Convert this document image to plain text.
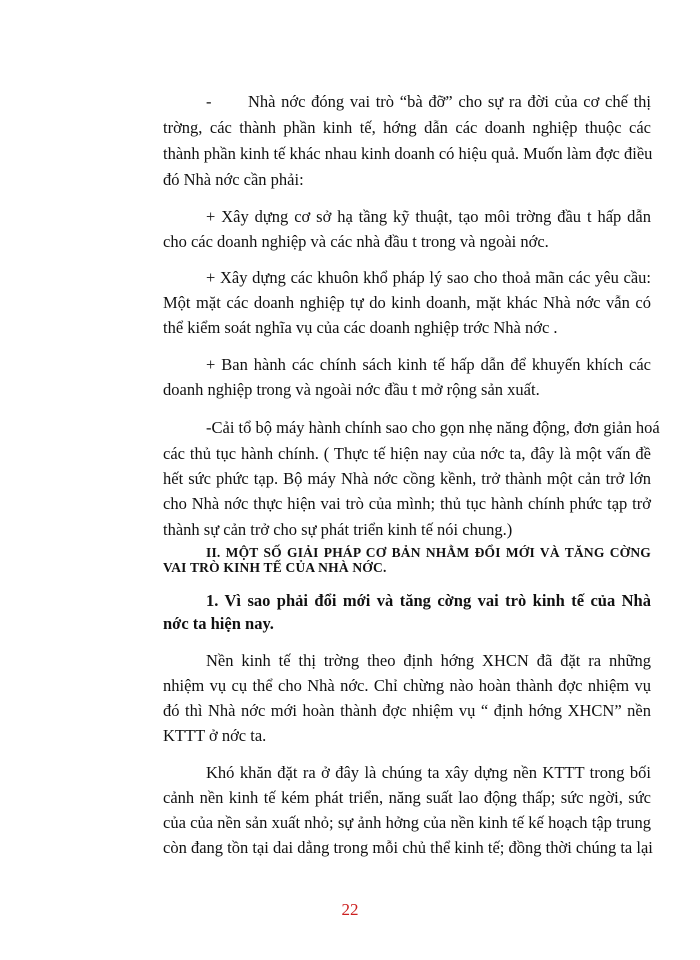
- Nhà nớc đóng vai trò “bà đỡ” cho sự ra đời của cơ chế thị
trờng, các thành phần kinh tế, hớng dẫn các doanh nghiệp thuộc các
thành phần kinh tế khác nhau kinh doanh có hiệu quả. Muốn làm đợc điều
đó Nhà nớc cần phải:
+ Xây dựng cơ sở hạ tầng kỹ thuật, tạo môi trờng đầu t hấp dẫn
cho các doanh nghiệp và các nhà đầu t trong và ngoài nớc.
+ Xây dựng các khuôn khổ pháp lý sao cho thoả mãn các yêu cầu:
Một mặt các doanh nghiệp tự do kinh doanh, mặt khác Nhà nớc vẫn có
thể kiểm soát nghĩa vụ của các doanh nghiệp trớc Nhà nớc .
+ Ban hành các chính sách kinh tế hấp dẫn để khuyến khích các
doanh nghiệp trong và ngoài nớc đầu t mở rộng sản xuất.
-Cải tổ bộ máy hành chính sao cho gọn nhẹ năng động, đơn giản hoá
các thủ tục hành chính. ( Thực tế hiện nay của nớc ta, đây là một vấn đề
hết sức phức tạp. Bộ máy Nhà nớc cồng kềnh, trở thành một cản trở lớn
cho Nhà nớc thực hiện vai trò của mình; thủ tục hành chính phức tạp trở
thành sự cản trở cho sự phát triển kinh tế nói chung.)
II. MỘT SỐ GIẢI PHÁP CƠ BẢN NHẰM ĐỔI MỚI VÀ TĂNG CỜNG
VAI TRÒ KINH TẾ CỦA NHÀ NỚC.
1. Vì sao phải đổi mới và tăng cờng vai trò kinh tế của Nhà
nớc ta hiện nay.
Nền kinh tế thị trờng theo định hớng XHCN đã đặt ra những
nhiệm vụ cụ thể cho Nhà nớc. Chỉ chừng nào hoàn thành đợc nhiệm vụ
đó thì Nhà nớc mới hoàn thành đợc nhiệm vụ “ định hớng XHCN” nền
KTTT ở nớc ta.
Khó khăn đặt ra ở đây là chúng ta xây dựng nền KTTT trong bối
cảnh nền kinh tế kém phát triển, năng suất lao động thấp; sức ngời, sức
của của nền sản xuất nhỏ; sự ảnh hởng của nền kinh tế kế hoạch tập trung
còn đang tồn tại dai dẳng trong mỗi chủ thể kinh tế; đồng thời chúng ta lại
22
